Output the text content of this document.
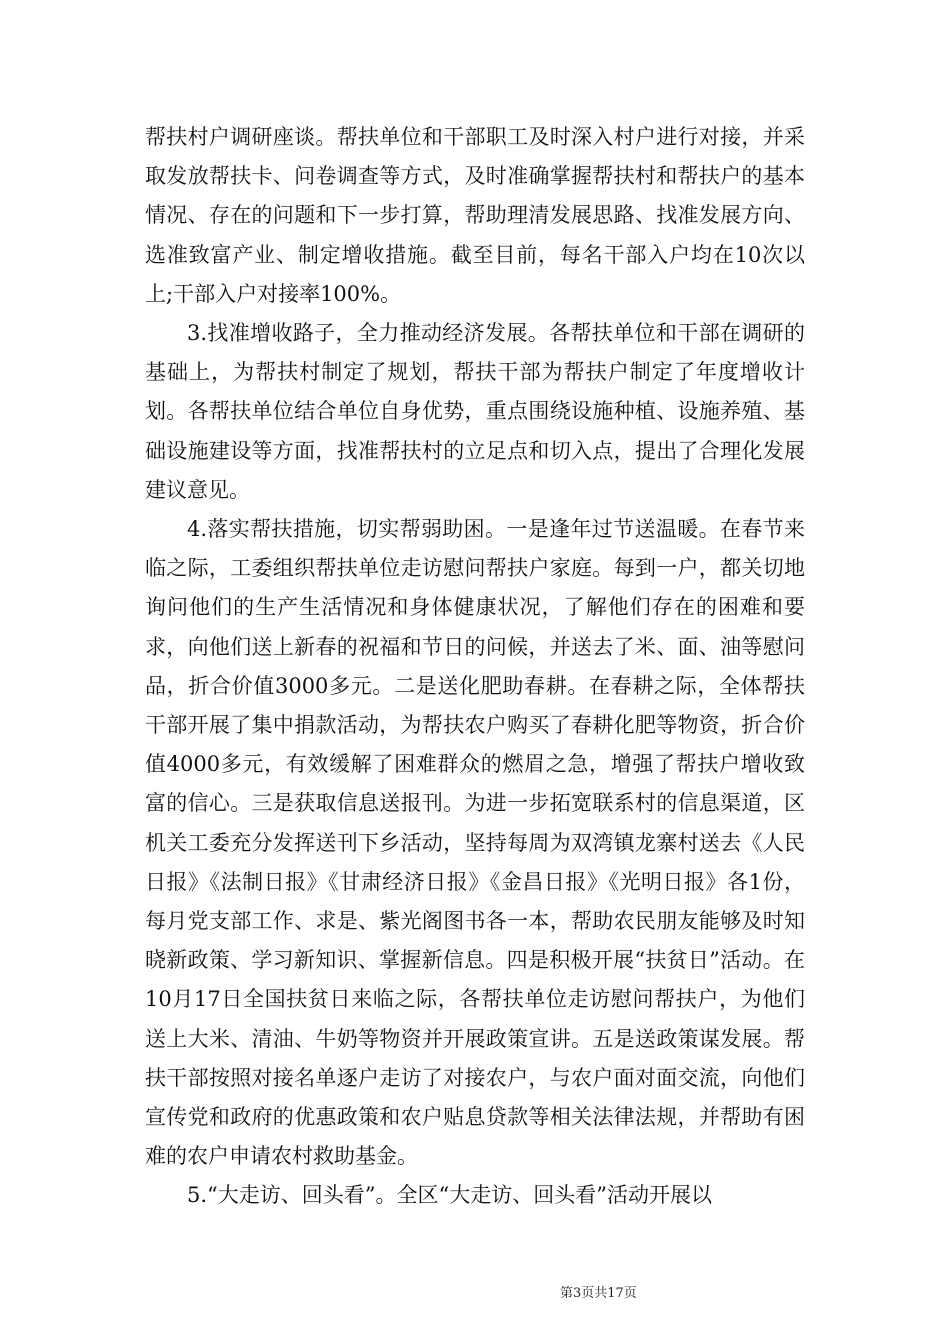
帮扶村户调研座谈。帮扶单位和干部职工及时深入村户进行对接，并采取发放帮扶卡、问卷调查等方式，及时准确掌握帮扶村和帮扶户的基本情况、存在的问题和下一步打算，帮助理清发展思路、找准发展方向、选准致富产业、制定增收措施。截至目前，每名干部入户均在10次以上;干部入户对接率100%。

3.找准增收路子，全力推动经济发展。各帮扶单位和干部在调研的基础上，为帮扶村制定了规划，帮扶干部为帮扶户制定了年度增收计划。各帮扶单位结合单位自身优势，重点围绕设施种植、设施养殖、基础设施建设等方面，找准帮扶村的立足点和切入点，提出了合理化发展建议意见。

4.落实帮扶措施，切实帮弱助困。一是逢年过节送温暖。在春节来临之际，工委组织帮扶单位走访慰问帮扶户家庭。每到一户，都关切地询问他们的生产生活情况和身体健康状况，了解他们存在的困难和要求，向他们送上新春的祝福和节日的问候，并送去了米、面、油等慰问品，折合价值3000多元。二是送化肥助春耕。在春耕之际，全体帮扶干部开展了集中捐款活动，为帮扶农户购买了春耕化肥等物资，折合价值4000多元，有效缓解了困难群众的燃眉之急，增强了帮扶户增收致富的信心。三是获取信息送报刊。为进一步拓宽联系村的信息渠道，区机关工委充分发挥送刊下乡活动，坚持每周为双湾镇龙寨村送去《人民日报》《法制日报》《甘肃经济日报》《金昌日报》《光明日报》各1份，每月党支部工作、求是、紫光阁图书各一本，帮助农民朋友能够及时知晓新政策、学习新知识、掌握新信息。四是积极开展“扶贫日”活动。在10月17日全国扶贫日来临之际，各帮扶单位走访慰问帮扶户，为他们送上大米、清油、牛奶等物资并开展政策宣讲。五是送政策谋发展。帮扶干部按照对接名单逐户走访了对接农户，与农户面对面交流，向他们宣传党和政府的优惠政策和农户贴息贷款等相关法律法规，并帮助有困难的农户申请农村救助基金。

5.“大走访、回头看”。全区“大走访、回头看”活动开展以

第3页共17页
